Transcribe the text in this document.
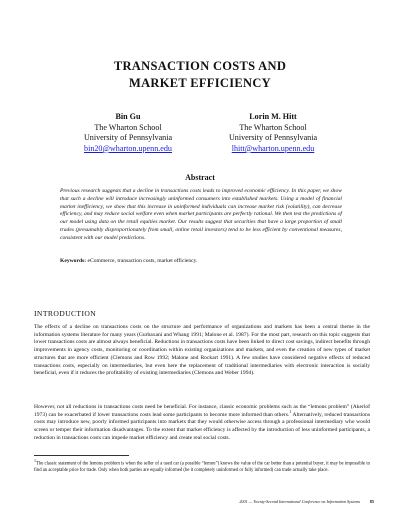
TRANSACTION COSTS AND
MARKET EFFICIENCY
Bin Gu
The Wharton School
University of Pennsylvania
bin20@wharton.upenn.edu
Lorin M. Hitt
The Wharton School
University of Pennsylvania
lhitt@wharton.upenn.edu
Abstract
Previous research suggests that a decline in transactions costs leads to improved economic efficiency. In this paper, we show that such a decline will introduce increasingly uninformed consumers into established markets. Using a model of financial market inefficiency, we show that this increase in uninformed individuals can increase market risk (volatility), can decrease efficiency, and may reduce social welfare even when market participants are perfectly rational. We then test the predictions of our model using data on the retail equities market. Our results suggest that securities that have a large proportion of small trades (presumably disproportionately from small, online retail investors) tend to be less efficient by conventional measures, consistent with our model predictions.
Keywords: eCommerce, transaction costs, market efficiency.
INTRODUCTION
The effects of a decline on transactions costs on the structure and performance of organizations and markets has been a central theme in the information systems literature for many years (Gurbaxani and Whang 1991; Malone et al. 1987). For the most part, research on this topic suggests that lower transactions costs are almost always beneficial. Reductions in transactions costs have been linked to direct cost savings, indirect benefits through improvements in agency costs, monitoring or coordination within existing organizations and markets, and even the creation of new types of market structures that are more efficient (Clemons and Row 1992; Malone and Rockart 1991). A few studies have considered negative effects of reduced transactions costs, especially on intermediaries, but even here the replacement of traditional intermediaries with electronic interaction is socially beneficial, even if it reduces the profitability of existing intermediaries (Clemons and Weber 1994).
However, not all reductions in transactions costs need be beneficial. For instance, classic economic problems such as the “lemons problem” (Akerlof 1973) can be exacerbated if lower transactions costs lead some participants to become more informed than others.$^1$ Alternatively, reduced transactions costs may introduce new, poorly informed participants into markets that they would otherwise access through a professional intermediary who would screen or temper their information disadvantages. To the extent that market efficiency is affected by the introduction of less uninformed participants, a reduction in transactions costs can impede market efficiency and create real social costs.
$^1$The classic statement of the lemons problem is when the seller of a used car (a possible “lemon”) knows the value of the car better than a potential buyer, it may be impossible to find an acceptable price for trade. Only when both parties are equally informed (be it completely uninformed or fully informed) can trade actually take place.
2001 — Twenty-Second International Conference on Information Systems	85
